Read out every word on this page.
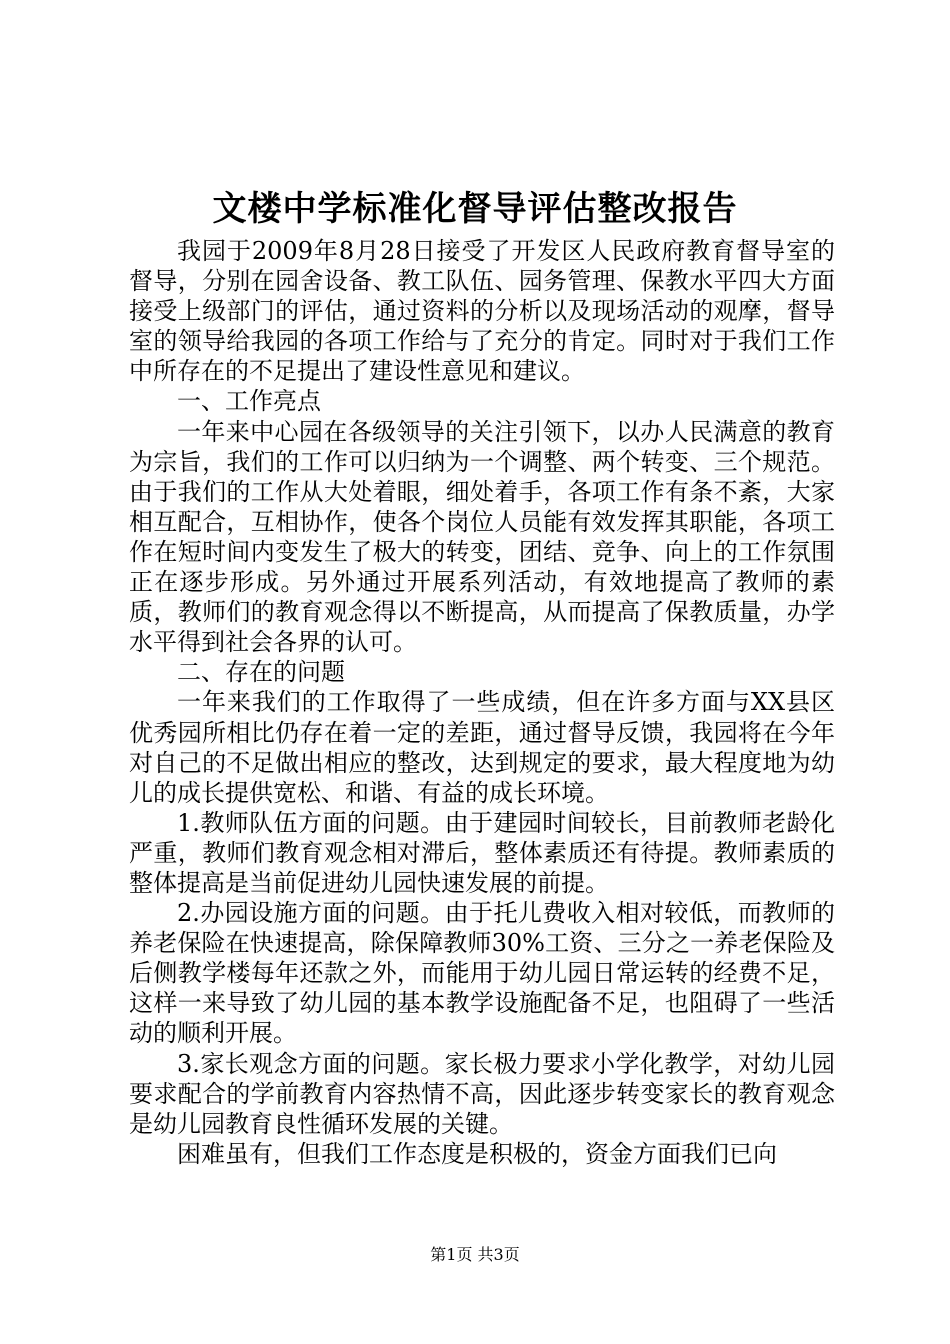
文楼中学标准化督导评估整改报告

我园于2009年8月28日接受了开发区人民政府教育督导室的督导，分别在园舍设备、教工队伍、园务管理、保教水平四大方面接受上级部门的评估，通过资料的分析以及现场活动的观摩，督导室的领导给我园的各项工作给与了充分的肯定。同时对于我们工作中所存在的不足提出了建设性意见和建议。

一、工作亮点

一年来中心园在各级领导的关注引领下，以办人民满意的教育为宗旨，我们的工作可以归纳为一个调整、两个转变、三个规范。由于我们的工作从大处着眼，细处着手，各项工作有条不紊，大家相互配合，互相协作，使各个岗位人员能有效发挥其职能，各项工作在短时间内变发生了极大的转变，团结、竞争、向上的工作氛围正在逐步形成。另外通过开展系列活动，有效地提高了教师的素质，教师们的教育观念得以不断提高，从而提高了保教质量，办学水平得到社会各界的认可。

二、存在的问题

一年来我们的工作取得了一些成绩，但在许多方面与XX县区优秀园所相比仍存在着一定的差距，通过督导反馈，我园将在今年对自己的不足做出相应的整改，达到规定的要求，最大程度地为幼儿的成长提供宽松、和谐、有益的成长环境。

1.教师队伍方面的问题。由于建园时间较长，目前教师老龄化严重，教师们教育观念相对滞后，整体素质还有待提。教师素质的整体提高是当前促进幼儿园快速发展的前提。

2.办园设施方面的问题。由于托儿费收入相对较低，而教师的养老保险在快速提高，除保障教师30%工资、三分之一养老保险及后侧教学楼每年还款之外，而能用于幼儿园日常运转的经费不足，这样一来导致了幼儿园的基本教学设施配备不足，也阻碍了一些活动的顺利开展。

3.家长观念方面的问题。家长极力要求小学化教学，对幼儿园要求配合的学前教育内容热情不高，因此逐步转变家长的教育观念是幼儿园教育良性循环发展的关键。

困难虽有，但我们工作态度是积极的，资金方面我们已向

第1页 共3页
